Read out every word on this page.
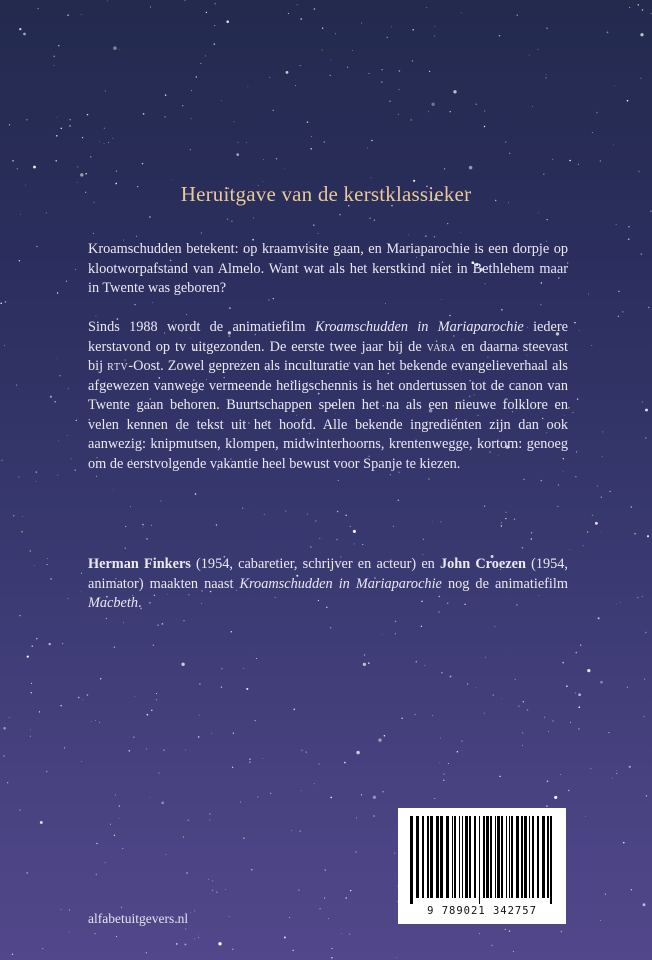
Heruitgave van de kerstklassieker

Kroamschudden betekent: op kraamvisite gaan, en Mariaparochie is een dorpje op klootworpafstand van Almelo. Want wat als het kerstkind niet in Bethlehem maar in Twente was geboren?

Sinds 1988 wordt de animatiefilm Kroamschudden in Mariaparochie iedere kerstavond op tv uitgezonden. De eerste twee jaar bij de vara en daarna steevast bij rtv-Oost. Zowel geprezen als inculturatie van het bekende evangelieverhaal als afgewezen vanwege vermeende heiligschennis is het ondertussen tot de canon van Twente gaan behoren. Buurtschappen spelen het na als een nieuwe folklore en velen kennen de tekst uit het hoofd. Alle bekende ingrediënten zijn dan ook aanwezig: knipmutsen, klompen, midwinterhoorns, krentenwegge, kortom: genoeg om de eerstvolgende vakantie heel bewust voor Spanje te kiezen.

Herman Finkers (1954, cabaretier, schrijver en acteur) en John Croezen (1954, animator) maakten naast Kroamschudden in Mariaparochie nog de animatiefilm Macbeth.

alfabetuitgevers.nl	9 789021 342757
